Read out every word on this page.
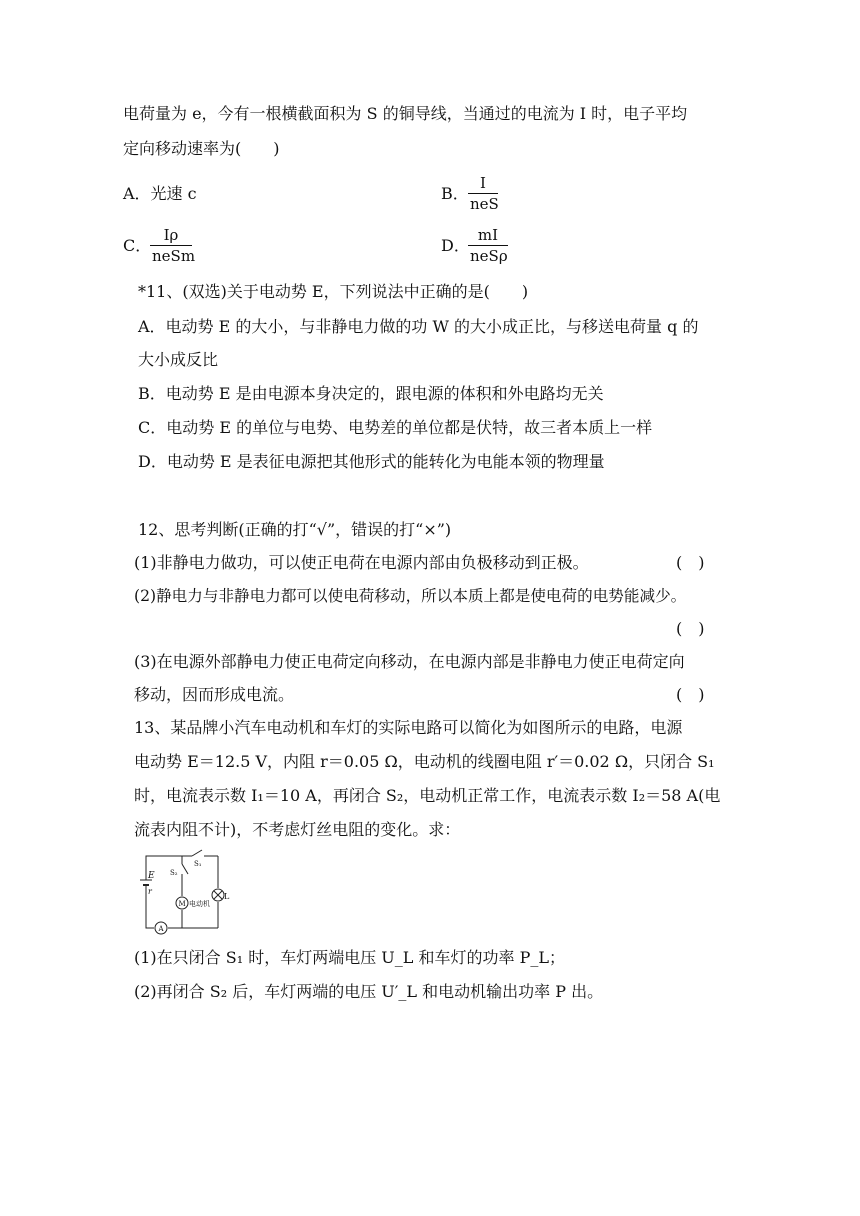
电荷量为 e，今有一根横截面积为 S 的铜导线，当通过的电流为 I 时，电子平均
定向移动速率为(　　)
A．光速 c	B．
I
neS
C．
Iρ
neSm
D．
mI
neSρ
*11、(双选)关于电动势 E，下列说法中正确的是(　　)
A．电动势 E 的大小，与非静电力做的功 W 的大小成正比，与移送电荷量 q 的
大小成反比
B．电动势 E 是由电源本身决定的，跟电源的体积和外电路均无关
C．电动势 E 的单位与电势、电势差的单位都是伏特，故三者本质上一样
D．电动势 E 是表征电源把其他形式的能转化为电能本领的物理量
12、思考判断(正确的打“√”，错误的打“×”)
(1)非静电力做功，可以使正电荷在电源内部由负极移动到正极。	(　)
(2)静电力与非静电力都可以使电荷移动，所以本质上都是使电荷的电势能减少。
(　)
(3)在电源外部静电力使正电荷定向移动，在电源内部是非静电力使正电荷定向
移动，因而形成电流。	(　)
13、某品牌小汽车电动机和车灯的实际电路可以简化为如图所示的电路，电源
电动势 E＝12.5 V，内阻 r＝0.05 Ω，电动机的线圈电阻 r′＝0.02 Ω，只闭合 S₁
时，电流表示数 I₁＝10 A，再闭合 S₂，电动机正常工作，电流表示数 I₂＝58 A(电
流表内阻不计)，不考虑灯丝电阻的变化。求：
E
r
S₁
S₂
L
M 电动机
A
(1)在只闭合 S₁ 时，车灯两端电压 U_L 和车灯的功率 P_L；
(2)再闭合 S₂ 后，车灯两端的电压 U′_L 和电动机输出功率 P 出。
